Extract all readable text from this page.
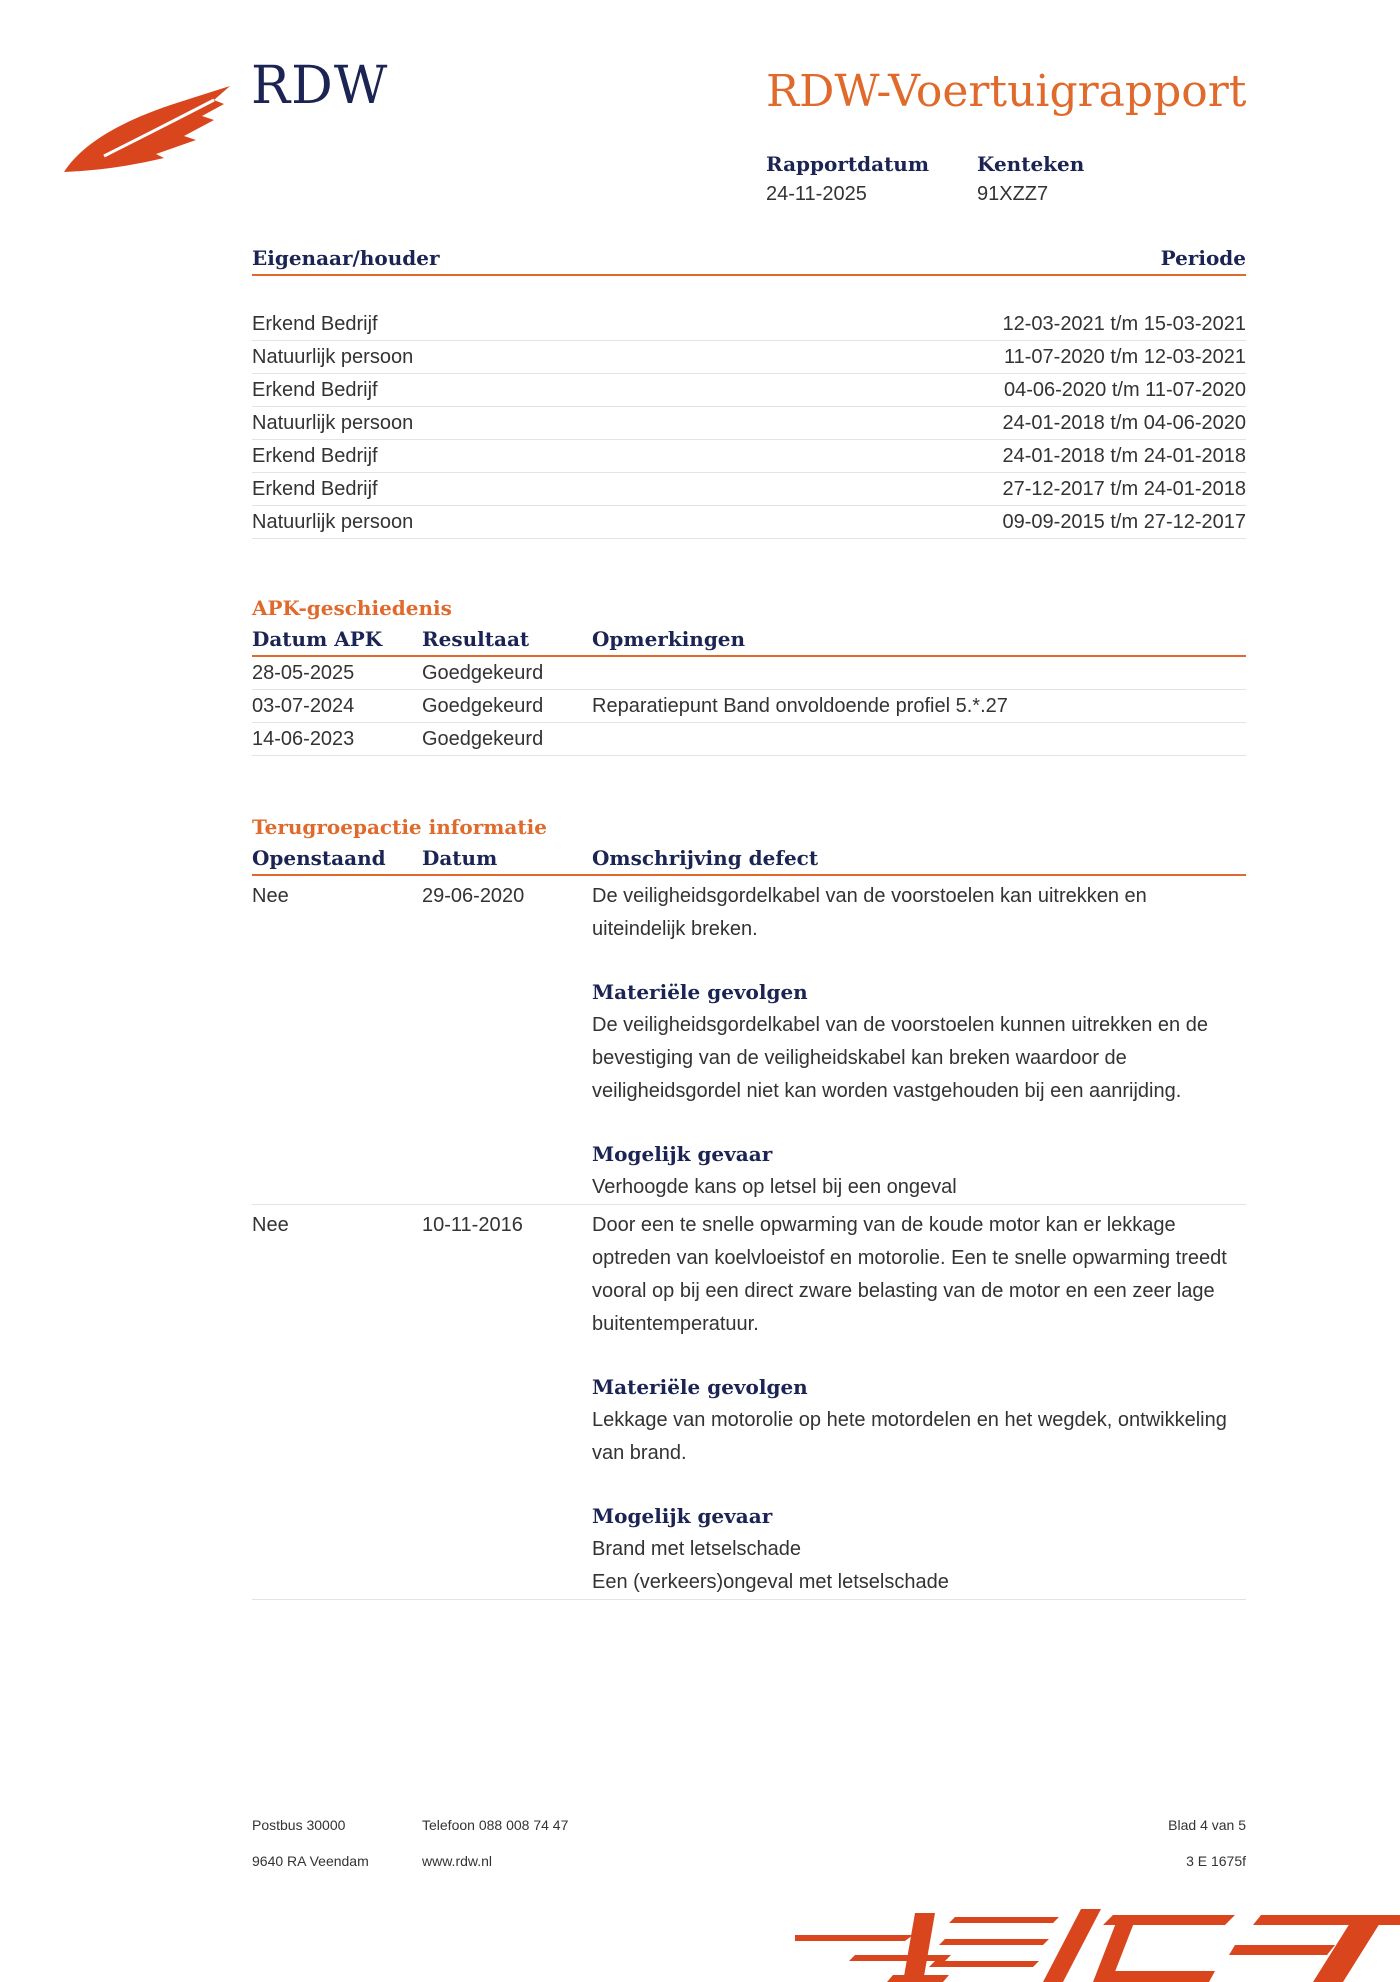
RDW	RDW-Voertuigrapport
Rapportdatum
24-11-2025
Kenteken
91XZZ7
Eigenaar/houder	Periode
Erkend Bedrijf	12-03-2021 t/m 15-03-2021
Natuurlijk persoon	11-07-2020 t/m 12-03-2021
Erkend Bedrijf	04-06-2020 t/m 11-07-2020
Natuurlijk persoon	24-01-2018 t/m 04-06-2020
Erkend Bedrijf	24-01-2018 t/m 24-01-2018
Erkend Bedrijf	27-12-2017 t/m 24-01-2018
Natuurlijk persoon	09-09-2015 t/m 27-12-2017
APK-geschiedenis
Datum APK Resultaat	Opmerkingen
28-05-2025	Goedgekeurd
03-07-2024	Goedgekeurd Reparatiepunt Band onvoldoende profiel 5.*.27
14-06-2023	Goedgekeurd
Terugroepactie informatie
Openstaand Datum	Omschrijving defect
Nee	29-06-2020	De veiligheidsgordelkabel van de voorstoelen kan uitrekken en uiteindelijk breken.
Materiële gevolgen
De veiligheidsgordelkabel van de voorstoelen kunnen uitrekken en de bevestiging van de veiligheidskabel kan breken waardoor de veiligheidsgordel niet kan worden vastgehouden bij een aanrijding.
Mogelijk gevaar
Verhoogde kans op letsel bij een ongeval
Nee	10-11-2016	Door een te snelle opwarming van de koude motor kan er lekkage optreden van koelvloeistof en motorolie. Een te snelle opwarming treedt vooral op bij een direct zware belasting van de motor en een zeer lage buitentemperatuur.
Materiële gevolgen
Lekkage van motorolie op hete motordelen en het wegdek, ontwikkeling van brand.
Mogelijk gevaar
Brand met letselschade
Een (verkeers)ongeval met letselschade
Postbus 30000
9640 RA Veendam
Telefoon 088 008 74 47
www.rdw.nl
Blad 4 van 5
3 E 1675f
